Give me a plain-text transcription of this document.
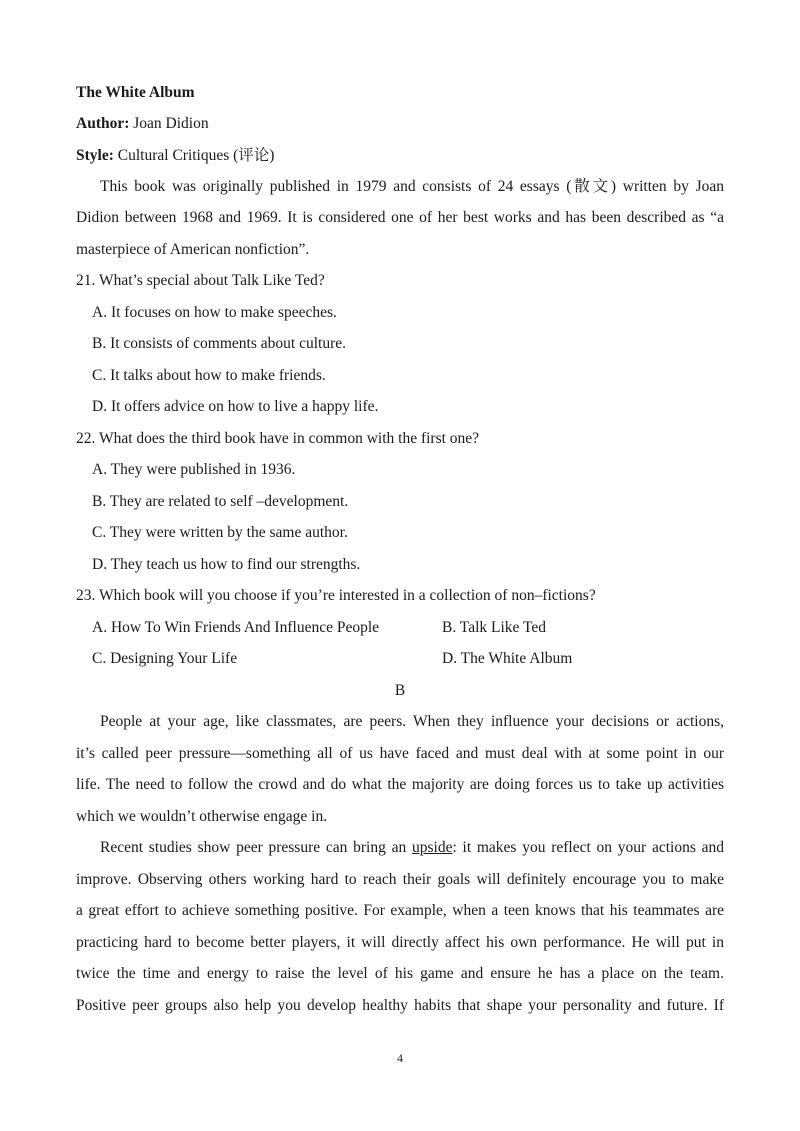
The White Album
Author: Joan Didion
Style: Cultural Critiques (评论)
This book was originally published in 1979 and consists of 24 essays (散文) written by Joan
Didion between 1968 and 1969. It is considered one of her best works and has been described as “a
masterpiece of American nonfiction”.
21. What’s special about Talk Like Ted?
A. It focuses on how to make speeches.
B. It consists of comments about culture.
C. It talks about how to make friends.
D. It offers advice on how to live a happy life.
22. What does the third book have in common with the first one?
A. They were published in 1936.
B. They are related to self –development.
C. They were written by the same author.
D. They teach us how to find our strengths.
23. Which book will you choose if you’re interested in a collection of non–fictions?
A. How To Win Friends And Influence People	B. Talk Like Ted
C. Designing Your Life	D. The White Album
B
People at your age, like classmates, are peers. When they influence your decisions or actions,
it’s called peer pressure—something all of us have faced and must deal with at some point in our
life. The need to follow the crowd and do what the majority are doing forces us to take up activities
which we wouldn’t otherwise engage in.
Recent studies show peer pressure can bring an upside: it makes you reflect on your actions and
improve. Observing others working hard to reach their goals will definitely encourage you to make
a great effort to achieve something positive. For example, when a teen knows that his teammates are
practicing hard to become better players, it will directly affect his own performance. He will put in
twice the time and energy to raise the level of his game and ensure he has a place on the team.
Positive peer groups also help you develop healthy habits that shape your personality and future. If
4
